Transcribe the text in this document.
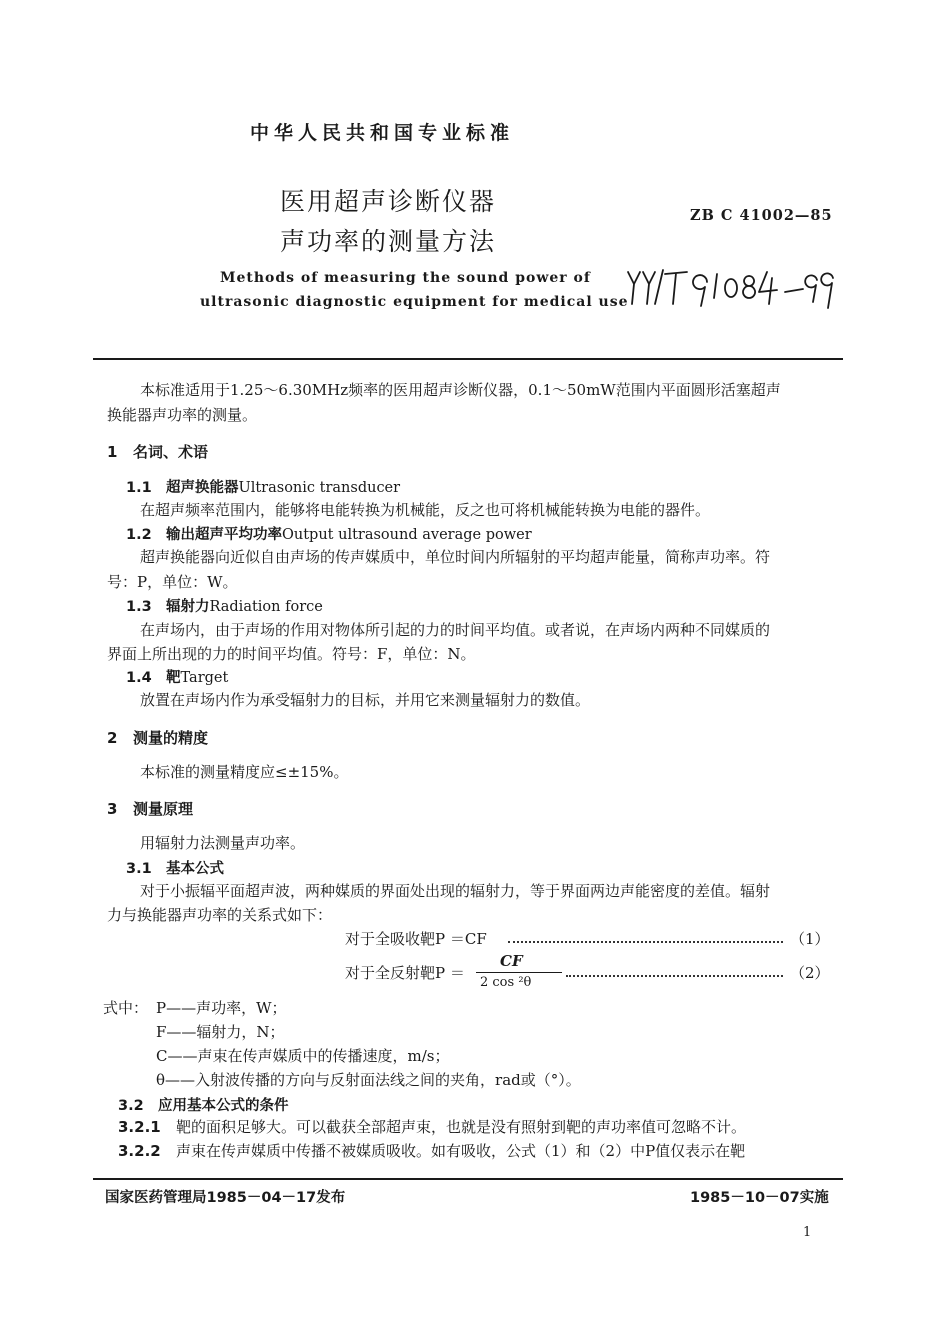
中华人民共和国专业标准
医用超声诊断仪器
声功率的测量方法
ZB C 41002—85
Methods of measuring the sound power of
ultrasonic diagnostic equipment for medical use
本标准适用于1.25～6.30MHz频率的医用超声诊断仪器，0.1～50mW范围内平面圆形活塞超声
换能器声功率的测量。
1 名词、术语
1.1 超声换能器Ultrasonic transducer
在超声频率范围内，能够将电能转换为机械能，反之也可将机械能转换为电能的器件。
1.2 输出超声平均功率Output ultrasound average power
超声换能器向近似自由声场的传声媒质中，单位时间内所辐射的平均超声能量，简称声功率。符
号：P，单位：W。
1.3 辐射力Radiation force
在声场内，由于声场的作用对物体所引起的力的时间平均值。或者说，在声场内两种不同媒质的
界面上所出现的力的时间平均值。符号：F，单位：N。
1.4 靶Target
放置在声场内作为承受辐射力的目标，并用它来测量辐射力的数值。
2 测量的精度
本标准的测量精度应≤±15%。
3 测量原理
用辐射力法测量声功率。
3.1 基本公式
对于小振辐平面超声波，两种媒质的界面处出现的辐射力，等于界面两边声能密度的差值。辐射
力与换能器声功率的关系式如下：
对于全吸收靶P ＝CF	（1）
对于全反射靶P ＝
CF
2 cos ²θ
（2）
式中： P——声功率，W；
F——辐射力，N；
C——声束在传声媒质中的传播速度，m/s；
θ——入射波传播的方向与反射面法线之间的夹角，rad或（°）。
3.2 应用基本公式的条件
3.2.1 靶的面积足够大。可以截获全部超声束，也就是没有照射到靶的声功率值可忽略不计。
3.2.2 声束在传声媒质中传播不被媒质吸收。如有吸收，公式（1）和（2）中P值仅表示在靶
国家医药管理局1985－04－17发布	1985－10－07实施
1
